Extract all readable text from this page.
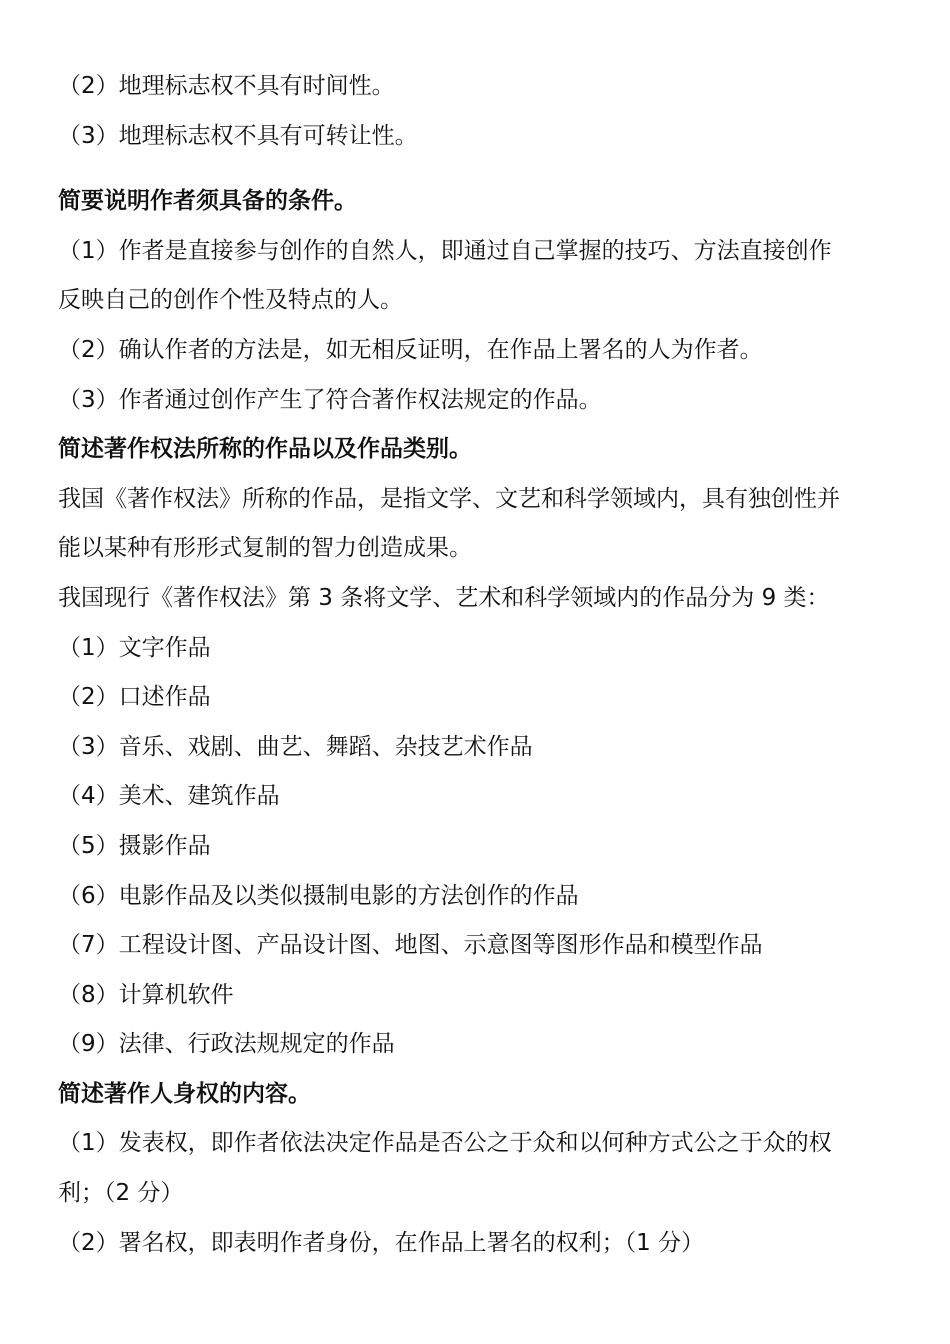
（2）地理标志权不具有时间性。
（3）地理标志权不具有可转让性。
简要说明作者须具备的条件。
（1）作者是直接参与创作的自然人，即通过自己掌握的技巧、方法直接创作
反映自己的创作个性及特点的人。
（2）确认作者的方法是，如无相反证明，在作品上署名的人为作者。
（3）作者通过创作产生了符合著作权法规定的作品。
简述著作权法所称的作品以及作品类别。
我国《著作权法》所称的作品，是指文学、文艺和科学领域内，具有独创性并
能以某种有形形式复制的智力创造成果。
我国现行《著作权法》第 3 条将文学、艺术和科学领域内的作品分为 9 类：
（1）文字作品
（2）口述作品
（3）音乐、戏剧、曲艺、舞蹈、杂技艺术作品
（4）美术、建筑作品
（5）摄影作品
（6）电影作品及以类似摄制电影的方法创作的作品
（7）工程设计图、产品设计图、地图、示意图等图形作品和模型作品
（8）计算机软件
（9）法律、行政法规规定的作品
简述著作人身权的内容。
（1）发表权，即作者依法决定作品是否公之于众和以何种方式公之于众的权
利；（2 分）
（2）署名权，即表明作者身份，在作品上署名的权利；（1 分）
